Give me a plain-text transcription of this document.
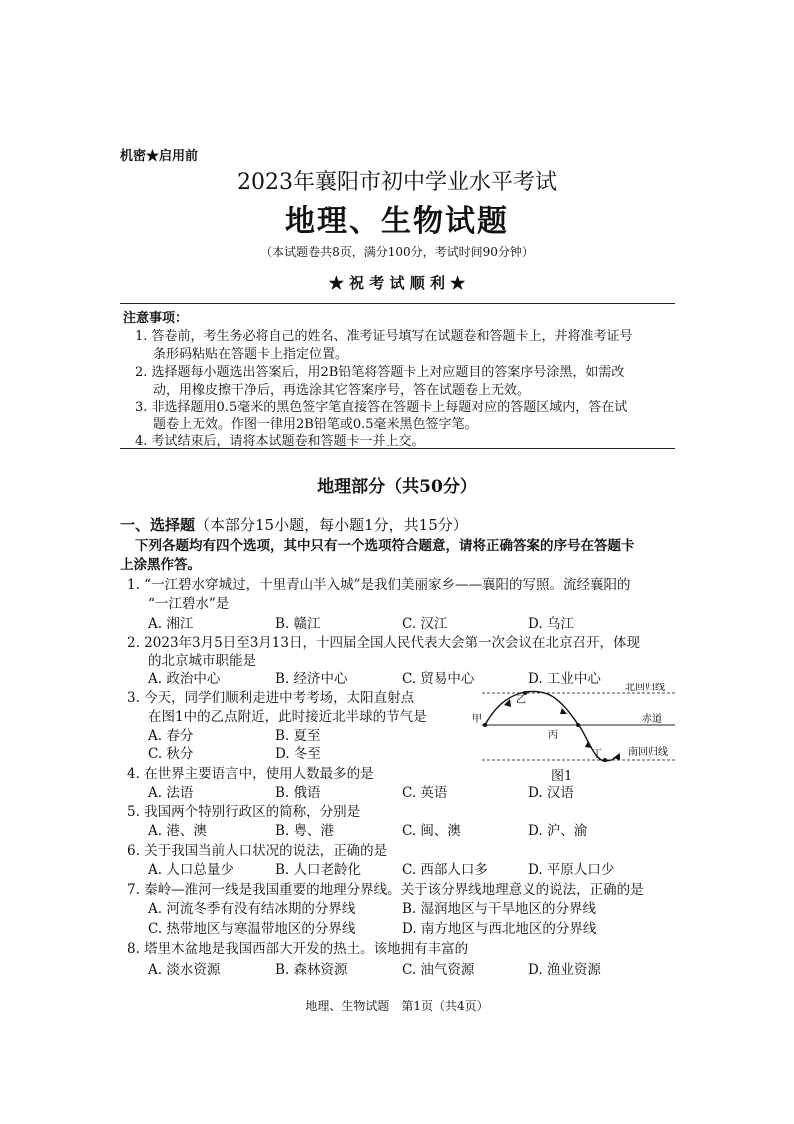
机密★启用前
2023年襄阳市初中学业水平考试
地理、生物试题
（本试题卷共8页，满分100分，考试时间90分钟）
★ 祝 考 试 顺 利 ★
注意事项：
1. 答卷前，考生务必将自己的姓名、准考证号填写在试题卷和答题卡上，并将准考证号
条形码粘贴在答题卡上指定位置。
2. 选择题每小题选出答案后，用2B铅笔将答题卡上对应题目的答案序号涂黑，如需改
动，用橡皮擦干净后，再选涂其它答案序号，答在试题卷上无效。
3. 非选择题用0.5毫米的黑色签字笔直接答在答题卡上每题对应的答题区域内，答在试
题卷上无效。作图一律用2B铅笔或0.5毫米黑色签字笔。
4. 考试结束后，请将本试题卷和答题卡一并上交。
地理部分（共50分）
一、选择题（本部分15小题，每小题1分，共15分）
下列各题均有四个选项，其中只有一个选项符合题意，请将正确答案的序号在答题卡
上涂黑作答。
1. “一江碧水穿城过，十里青山半入城”是我们美丽家乡——襄阳的写照。流经襄阳的
“一江碧水”是
A. 湘江	B. 赣江	C. 汉江	D. 乌江
2. 2023年3月5日至3月13日，十四届全国人民代表大会第一次会议在北京召开，体现
的北京城市职能是
A. 政治中心	B. 经济中心	C. 贸易中心	D. 工业中心
3. 今天，同学们顺利走进中考考场，太阳直射点
在图1中的乙点附近，此时接近北半球的节气是
A. 春分	B. 夏至
C. 秋分	D. 冬至
北回归线
赤道
南回归线
甲
乙
丙
丁
图1
4. 在世界主要语言中，使用人数最多的是
A. 法语	B. 俄语	C. 英语	D. 汉语
5. 我国两个特别行政区的简称，分别是
A. 港、澳	B. 粤、港	C. 闽、澳	D. 沪、渝
6. 关于我国当前人口状况的说法，正确的是
A. 人口总量少	B. 人口老龄化	C. 西部人口多	D. 平原人口少
7. 秦岭—淮河一线是我国重要的地理分界线。关于该分界线地理意义的说法，正确的是
A. 河流冬季有没有结冰期的分界线	B. 湿润地区与干旱地区的分界线
C. 热带地区与寒温带地区的分界线	D. 南方地区与西北地区的分界线
8. 塔里木盆地是我国西部大开发的热土。该地拥有丰富的
A. 淡水资源	B. 森林资源	C. 油气资源	D. 渔业资源
地理、生物试题　第1页（共4页）
